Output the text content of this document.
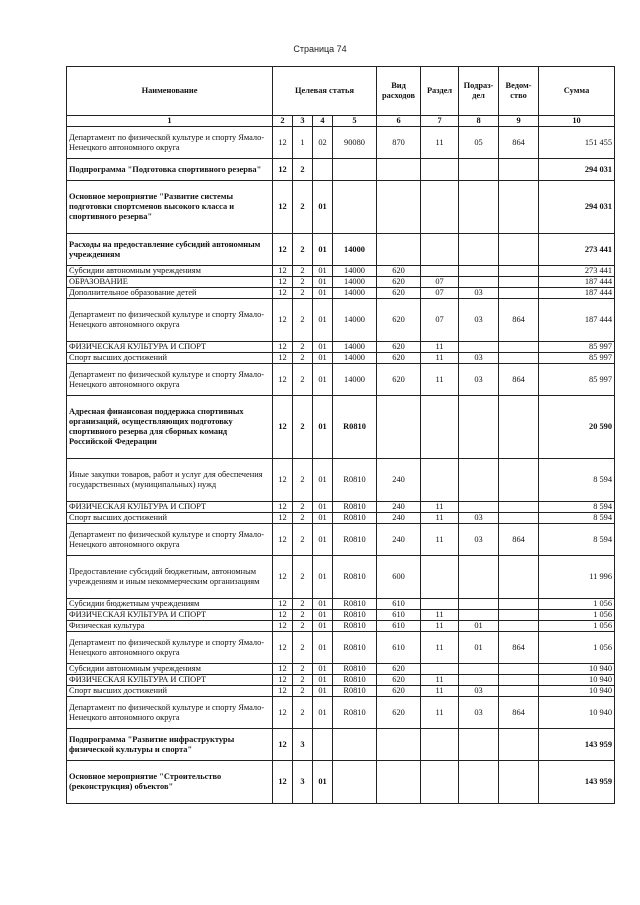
Страница 74
Наименование	Целевая статья				Вид расходов	Раздел	Подраз-дел	Ведом-ство	Сумма
1	2	3	4	5	6	7	8	9	10
Департамент по физической культуре и спорту Ямало-Ненецкого автономного округа	12	1	02	90080	870	11	05	864	151 455
Подпрограмма "Подготовка спортивного резерва"	12	2							294 031
Основное мероприятие "Развитие системы подготовки спортсменов высокого класса и спортивного резерва"	12	2	01						294 031
Расходы на предоставление субсидий автономным учреждениям	12	2	01	14000					273 441
Субсидии автономным учреждениям	12	2	01	14000	620				273 441
ОБРАЗОВАНИЕ	12	2	01	14000	620	07			187 444
Дополнительное образование детей	12	2	01	14000	620	07	03		187 444
Департамент по физической культуре и спорту Ямало-Ненецкого автономного округа	12	2	01	14000	620	07	03	864	187 444
ФИЗИЧЕСКАЯ КУЛЬТУРА И СПОРТ	12	2	01	14000	620	11			85 997
Спорт высших достижений	12	2	01	14000	620	11	03		85 997
Департамент по физической культуре и спорту Ямало-Ненецкого автономного округа	12	2	01	14000	620	11	03	864	85 997
Адресная финансовая поддержка спортивных организаций, осуществляющих подготовку спортивного резерва для сборных команд Российской Федерации	12	2	01	R0810					20 590
Иные закупки товаров, работ и услуг для обеспечения государственных (муниципальных) нужд	12	2	01	R0810	240				8 594
ФИЗИЧЕСКАЯ КУЛЬТУРА И СПОРТ	12	2	01	R0810	240	11			8 594
Спорт высших достижений	12	2	01	R0810	240	11	03		8 594
Департамент по физической культуре и спорту Ямало-Ненецкого автономного округа	12	2	01	R0810	240	11	03	864	8 594
Предоставление субсидий бюджетным, автономным учреждениям и иным некоммерческим организациям	12	2	01	R0810	600				11 996
Субсидии бюджетным учреждениям	12	2	01	R0810	610				1 056
ФИЗИЧЕСКАЯ КУЛЬТУРА И СПОРТ	12	2	01	R0810	610	11			1 056
Физическая культура	12	2	01	R0810	610	11	01		1 056
Департамент по физической культуре и спорту Ямало-Ненецкого автономного округа	12	2	01	R0810	610	11	01	864	1 056
Субсидии автономным учреждениям	12	2	01	R0810	620				10 940
ФИЗИЧЕСКАЯ КУЛЬТУРА И СПОРТ	12	2	01	R0810	620	11			10 940
Спорт высших достижений	12	2	01	R0810	620	11	03		10 940
Департамент по физической культуре и спорту Ямало-Ненецкого автономного округа	12	2	01	R0810	620	11	03	864	10 940
Подпрограмма "Развитие инфраструктуры физической культуры и спорта"	12	3							143 959
Основное мероприятие "Строительство (реконструкция) объектов"	12	3	01						143 959
